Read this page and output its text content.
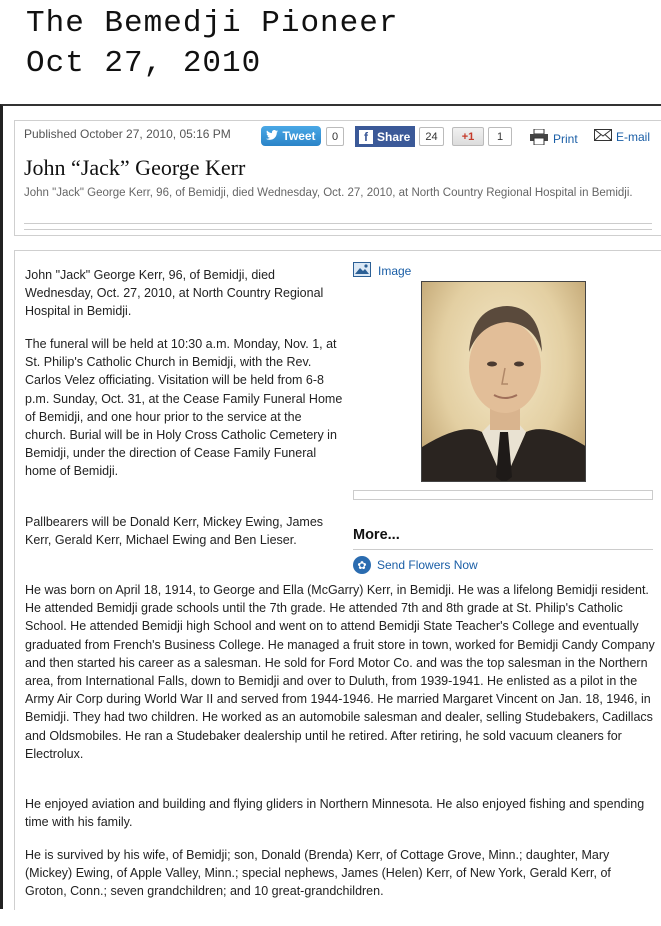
The Bemedji Pioneer
Oct 27, 2010
Published October 27, 2010, 05:16 PM	Tweet	0	f Share	24	+1	1	Print	E-mail
John “Jack” George Kerr
John "Jack" George Kerr, 96, of Bemidji, died Wednesday, Oct. 27, 2010, at North Country Regional Hospital in Bemidji.

John "Jack" George Kerr, 96, of Bemidji, died Wednesday, Oct. 27, 2010, at North Country Regional Hospital in Bemidji.

The funeral will be held at 10:30 a.m. Monday, Nov. 1, at St. Philip's Catholic Church in Bemidji, with the Rev. Carlos Velez officiating. Visitation will be held from 6-8 p.m. Sunday, Oct. 31, at the Cease Family Funeral Home of Bemidji, and one hour prior to the service at the church. Burial will be in Holy Cross Catholic Cemetery in Bemidji, under the direction of Cease Family Funeral home of Bemidji.

Pallbearers will be Donald Kerr, Mickey Ewing, James Kerr, Gerald Kerr, Michael Ewing and Ben Lieser.

He was born on April 18, 1914, to George and Ella (McGarry) Kerr, in Bemidji. He was a lifelong Bemidji resident. He attended Bemidji grade schools until the 7th grade. He attended 7th and 8th grade at St. Philip's Catholic School. He attended Bemidji high School and went on to attend Bemidji State Teacher's College and eventually graduated from French's Business College. He managed a fruit store in town, worked for Bemidji Candy Company and then started his career as a salesman. He sold for Ford Motor Co. and was the top salesman in the Northern area, from International Falls, down to Bemidji and over to Duluth, from 1939-1941. He enlisted as a pilot in the Army Air Corp during World War II and served from 1944-1946. He married Margaret Vincent on Jan. 18, 1946, in Bemidji. They had two children. He worked as an automobile salesman and dealer, selling Studebakers, Cadillacs and Oldsmobiles. He ran a Studebaker dealership until he retired. After retiring, he sold vacuum cleaners for Electrolux.

He enjoyed aviation and building and flying gliders in Northern Minnesota. He also enjoyed fishing and spending time with his family.

He is survived by his wife, of Bemidji; son, Donald (Brenda) Kerr, of Cottage Grove, Minn.; daughter, Mary (Mickey) Ewing, of Apple Valley, Minn.; special nephews, James (Helen) Kerr, of New York, Gerald Kerr, of Groton, Conn.; seven grandchildren; and 10 great-grandchildren.

Image
More...
✿ Send Flowers Now
